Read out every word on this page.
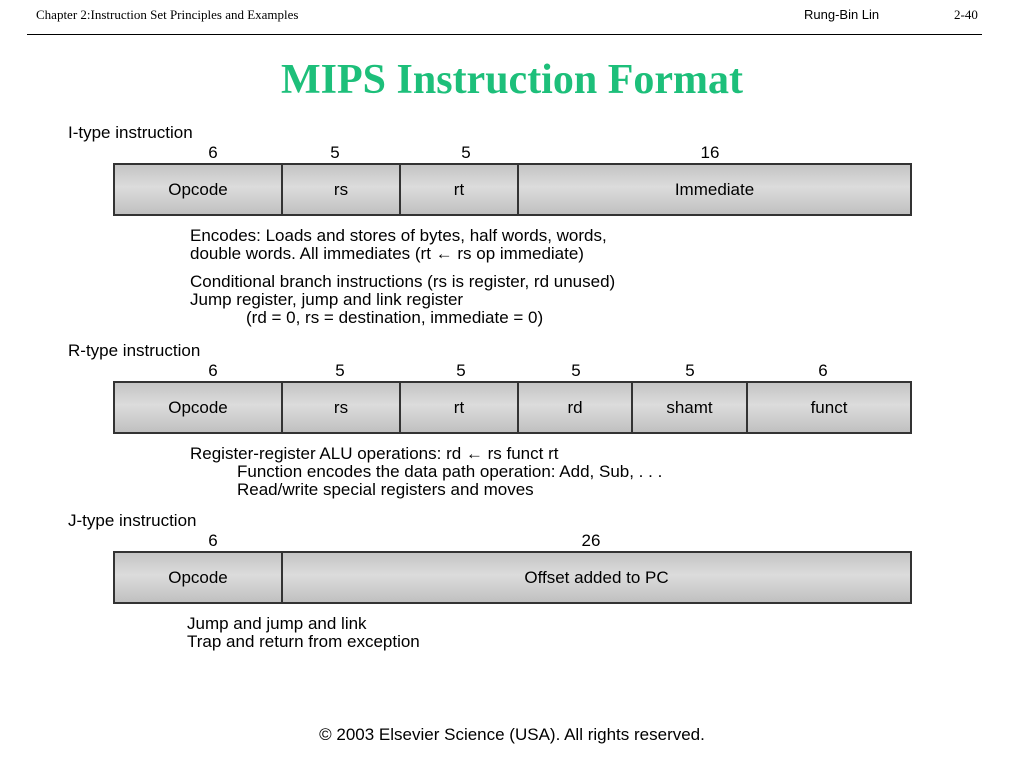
Chapter 2:Instruction Set Principles and Examples	Rung-Bin Lin	2-40
MIPS Instruction Format
I-type instruction
6	5	5	16
Opcode	rs	rt	Immediate
Encodes: Loads and stores of bytes, half words, words,
double words. All immediates (rt ← rs op immediate)
Conditional branch instructions (rs is register, rd unused)
Jump register, jump and link register
(rd = 0, rs = destination, immediate = 0)
R-type instruction
6	5	5	5	5	6
Opcode	rs	rt	rd	shamt	funct
Register-register ALU operations: rd ← rs funct rt
Function encodes the data path operation: Add, Sub, . . .
Read/write special registers and moves
J-type instruction
6	26
Opcode	Offset added to PC
Jump and jump and link
Trap and return from exception
© 2003 Elsevier Science (USA). All rights reserved.
